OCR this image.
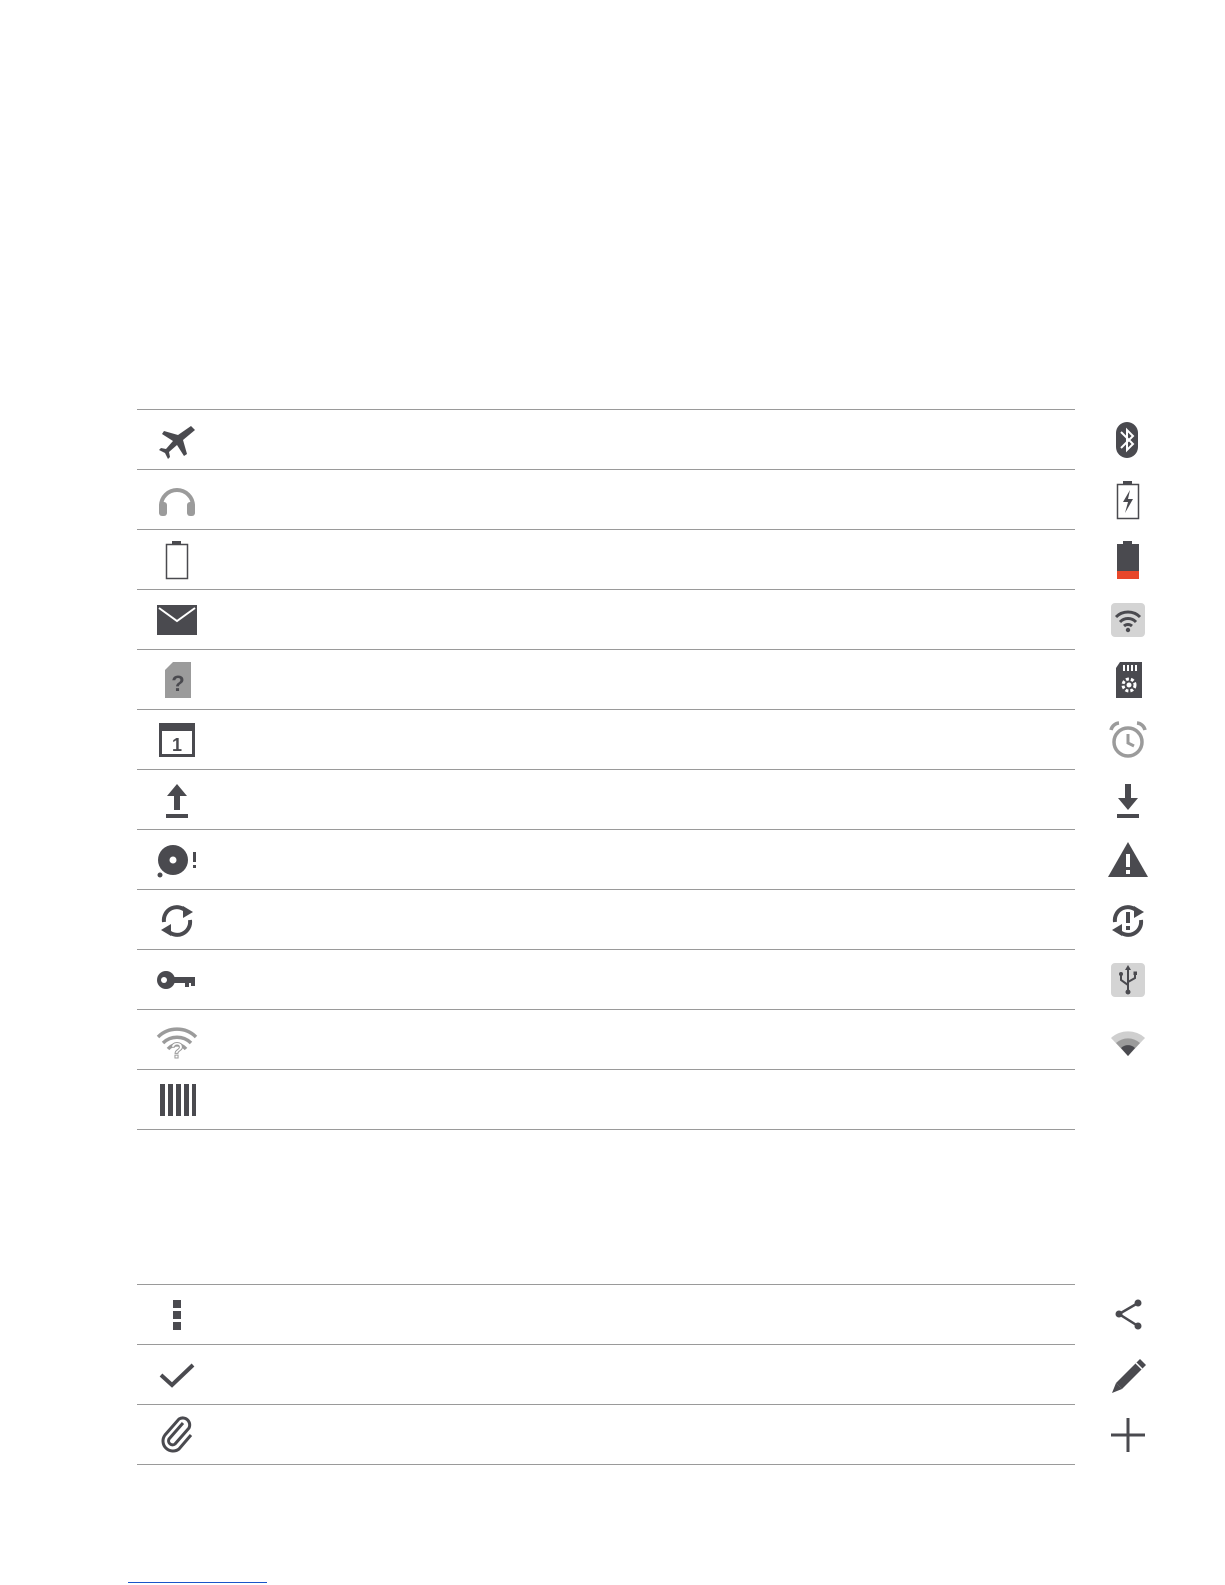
?
1
?
